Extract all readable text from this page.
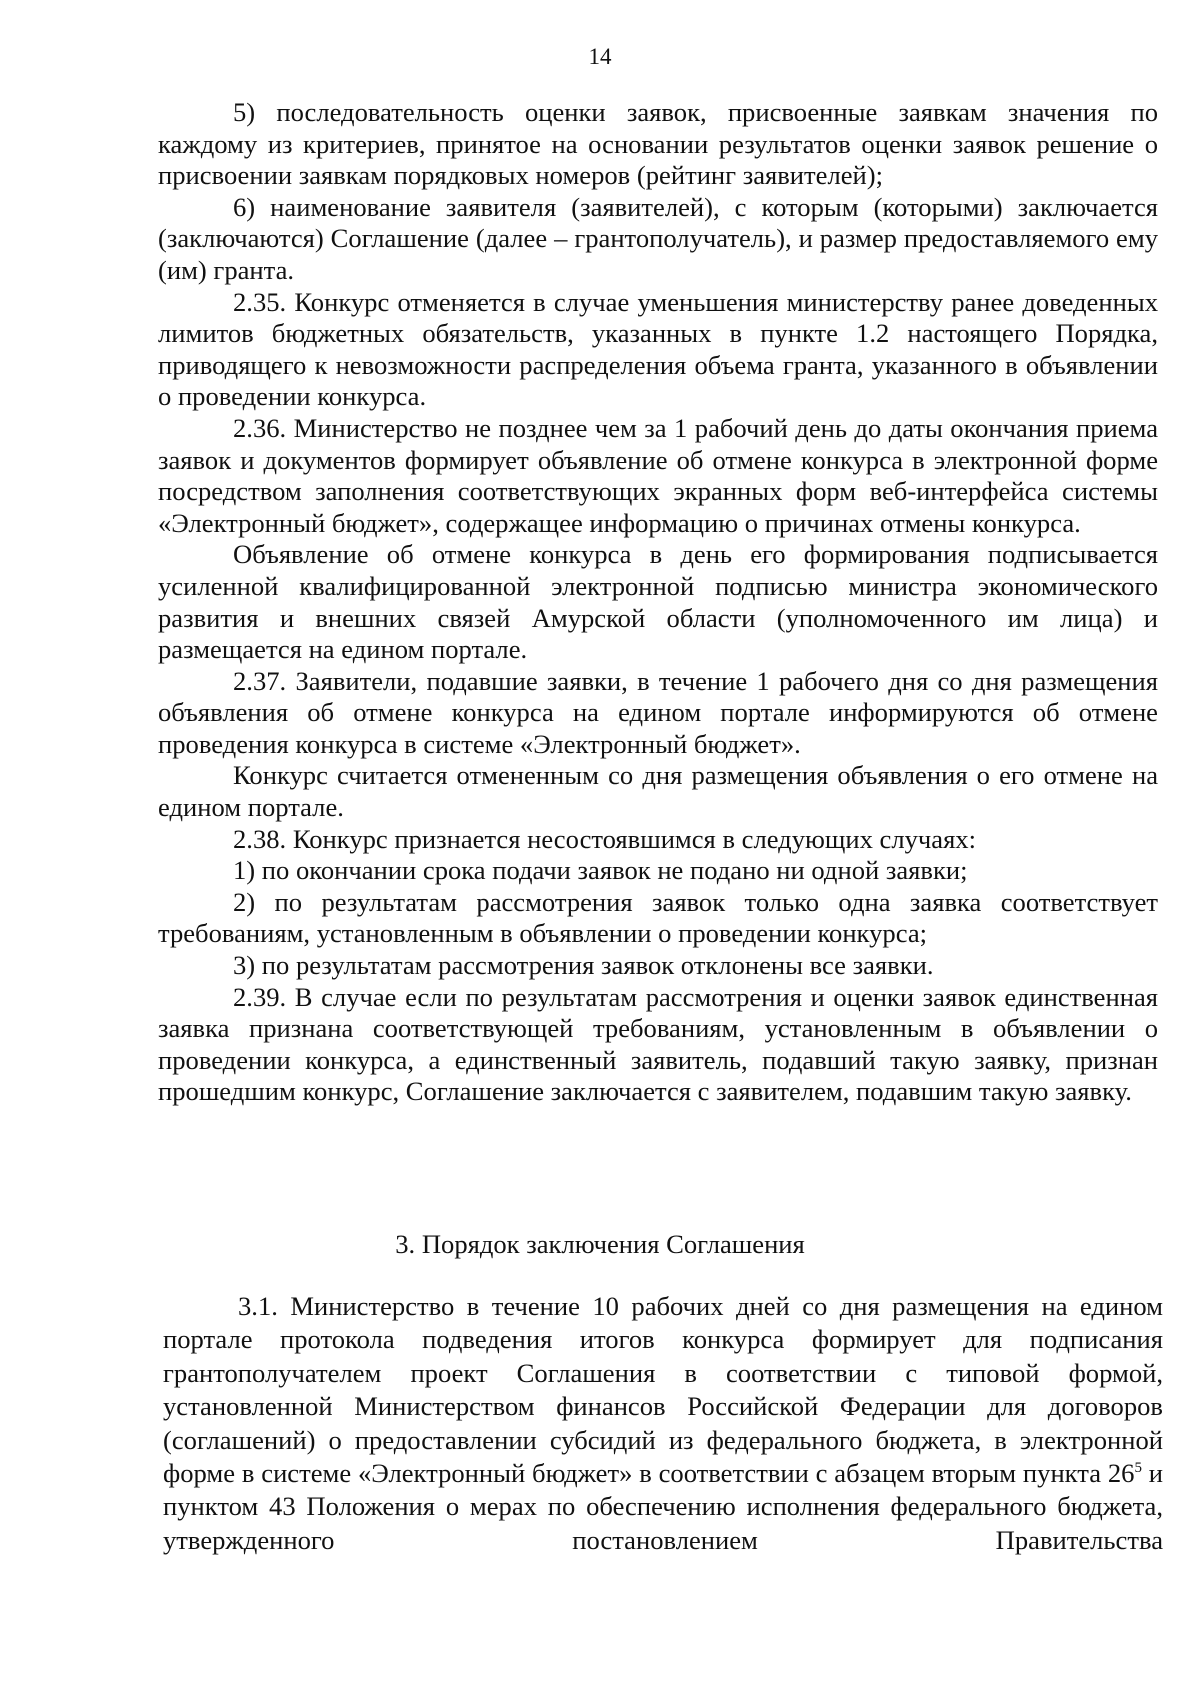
14

5) последовательность оценки заявок, присвоенные заявкам значения по каждому из критериев, принятое на основании результатов оценки заявок решение о присвоении заявкам порядковых номеров (рейтинг заявителей);

6) наименование заявителя (заявителей), с которым (которыми) заключается (заключаются) Соглашение (далее – грантополучатель), и размер предоставляемого ему (им) гранта.

2.35. Конкурс отменяется в случае уменьшения министерству ранее доведенных лимитов бюджетных обязательств, указанных в пункте 1.2 настоящего Порядка, приводящего к невозможности распределения объема гранта, указанного в объявлении о проведении конкурса.

2.36. Министерство не позднее чем за 1 рабочий день до даты окончания приема заявок и документов формирует объявление об отмене конкурса в электронной форме посредством заполнения соответствующих экранных форм веб-интерфейса системы «Электронный бюджет», содержащее информацию о причинах отмены конкурса.

Объявление об отмене конкурса в день его формирования подписывается усиленной квалифицированной электронной подписью министра экономического развития и внешних связей Амурской области (уполномоченного им лица) и размещается на едином портале.

2.37. Заявители, подавшие заявки, в течение 1 рабочего дня со дня размещения объявления об отмене конкурса на едином портале информируются об отмене проведения конкурса в системе «Электронный бюджет».

Конкурс считается отмененным со дня размещения объявления о его отмене на едином портале.

2.38. Конкурс признается несостоявшимся в следующих случаях:

1) по окончании срока подачи заявок не подано ни одной заявки;

2) по результатам рассмотрения заявок только одна заявка соответствует требованиям, установленным в объявлении о проведении конкурса;

3) по результатам рассмотрения заявок отклонены все заявки.

2.39. В случае если по результатам рассмотрения и оценки заявок единственная заявка признана соответствующей требованиям, установленным в объявлении о проведении конкурса, а единственный заявитель, подавший такую заявку, признан прошедшим конкурс, Соглашение заключается с заявителем, подавшим такую заявку.

3. Порядок заключения Соглашения

3.1. Министерство в течение 10 рабочих дней со дня размещения на едином портале протокола подведения итогов конкурса формирует для подписания грантополучателем проект Соглашения в соответствии с типовой формой, установленной Министерством финансов Российской Федерации для договоров (соглашений) о предоставлении субсидий из федерального бюджета, в электронной форме в системе «Электронный бюджет» в соответствии с абзацем вторым пункта $26^5$ и пунктом 43 Положения о мерах по обеспечению исполнения федерального бюджета, утвержденного постановлением Правительства
